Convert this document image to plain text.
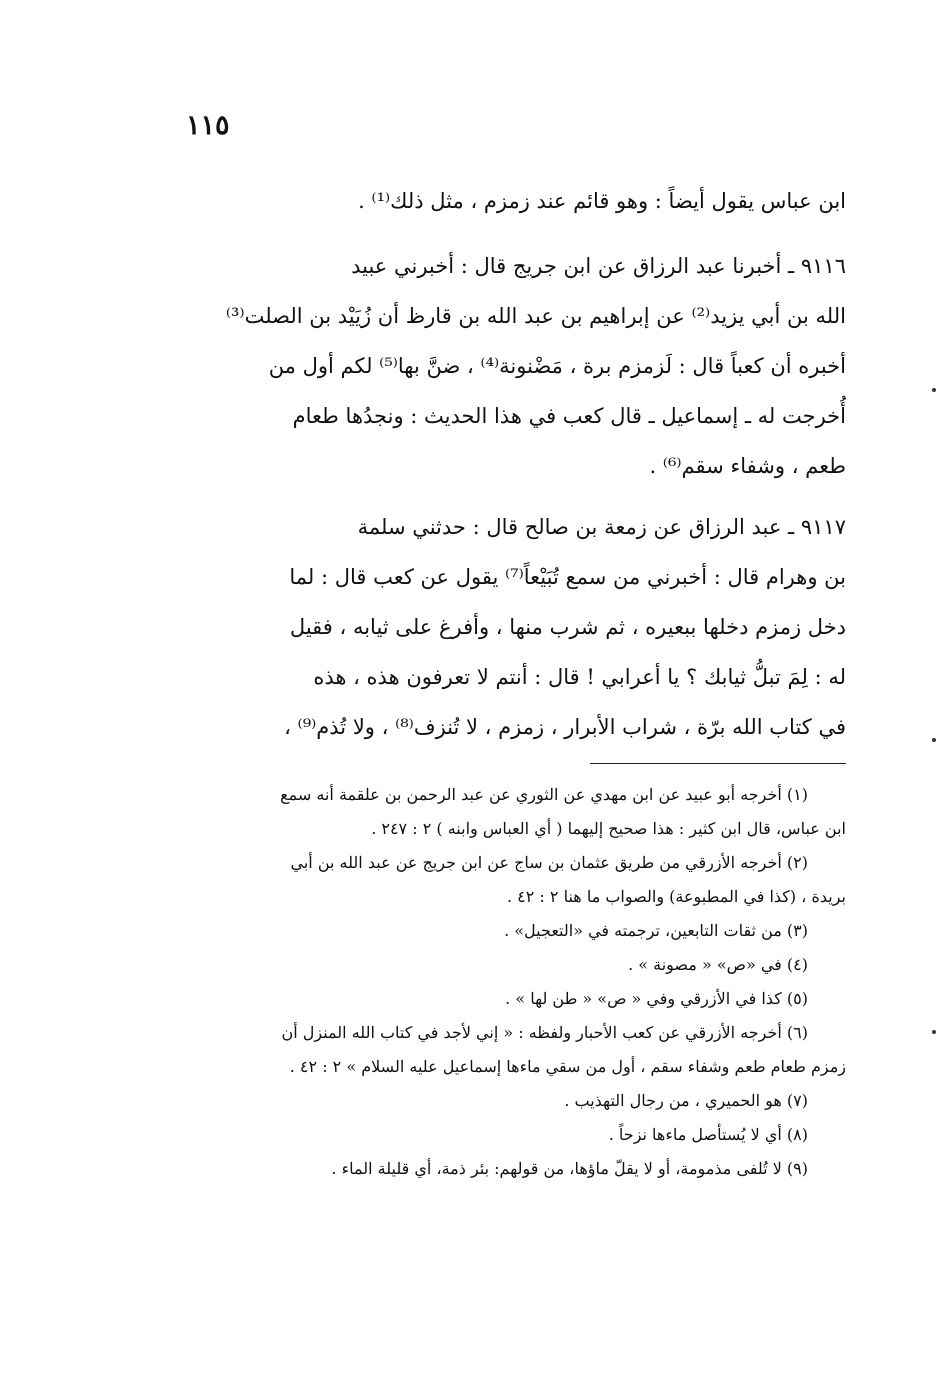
١١٥
ابن عباس يقول أيضاً : وهو قائم عند زمزم ، مثل ذلك⁽¹⁾ .
٩١١٦ ـ أخبرنا عبد الرزاق عن ابن جريج قال : أخبرني عبيد
الله بن أبي يزيد⁽²⁾ عن إبراهيم بن عبد الله بن قارظ أن زُيَيْد بن الصلت⁽³⁾
أخبره أن كعباً قال : لَزمزم برة ، مَضْنونة⁽⁴⁾ ، ضنَّ بها⁽⁵⁾ لكم أول من
أُخرجت له ـ إسماعيل ـ قال كعب في هذا الحديث : ونجدُها طعام
طعم ، وشفاء سقم⁽⁶⁾ .
٩١١٧ ـ عبد الرزاق عن زمعة بن صالح قال : حدثني سلمة
بن وهرام قال : أخبرني من سمع تُبَيْعاً⁽⁷⁾ يقول عن كعب قال : لما
دخل زمزم دخلها ببعيره ، ثم شرب منها ، وأفرغ على ثيابه ، فقيل
له : لِمَ تبلُّ ثيابك ؟ يا أعرابي ! قال : أنتم لا تعرفون هذه ، هذه
في كتاب الله برّة ، شراب الأبرار ، زمزم ، لا تُنزف⁽⁸⁾ ، ولا تُذم⁽⁹⁾ ،
(١) أخرجه أبو عبيد عن ابن مهدي عن الثوري عن عبد الرحمن بن علقمة أنه سمع
ابن عباس، قال ابن كثير : هذا صحيح إليهما ( أي العباس وابنه ) ٢ : ٢٤٧ .
(٢) أخرجه الأزرقي من طريق عثمان بن ساج عن ابن جريج عن عبد الله بن أبي
بريدة ، (كذا في المطبوعة) والصواب ما هنا ٢ : ٤٢ .
(٣) من ثقات التابعين، ترجمته في «التعجيل» .
(٤) في «ص» « مصونة » .
(٥) كذا في الأزرقي وفي « ص» « طن لها » .
(٦) أخرجه الأزرقي عن كعب الأحبار ولفظه : « إني لأجد في كتاب الله المنزل أن
زمزم طعام طعم وشفاء سقم ، أول من سقي ماءها إسماعيل عليه السلام » ٢ : ٤٢ .
(٧) هو الحميري ، من رجال التهذيب .
(٨) أي لا يُستأصل ماءها نزحاً .
(٩) لا تُلفى مذمومة، أو لا يقلّ ماؤها، من قولهم: بئر ذمة، أي قليلة الماء .
